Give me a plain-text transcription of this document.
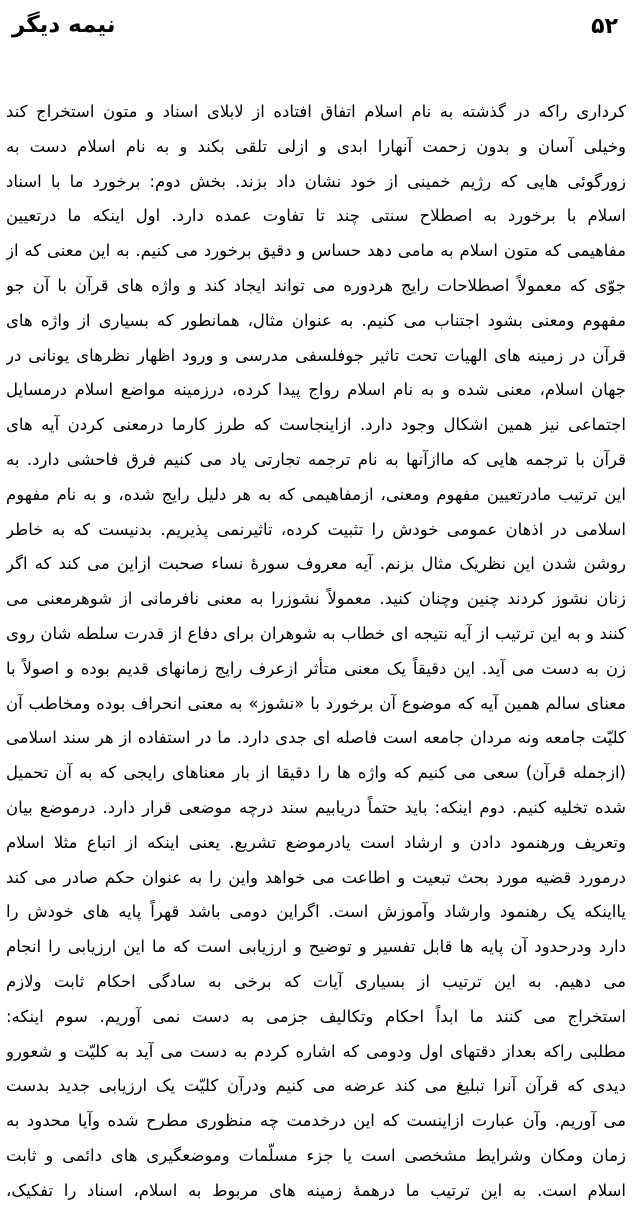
نیمه دیگر	۵۲
کرداری راکه در گذشته به نام اسلام اتفاق افتاده از لابلای اسناد و متون استخراج کند
وخیلی آسان و بدون زحمت آنهارا ابدی و ازلی تلقی بکند و به نام اسلام دست به
زورگوئی هایی که رژیم خمینی از خود نشان داد بزند. بخش دوم: برخورد ما با اسناد
اسلام با برخورد به اصطلاح سنتی چند تا تفاوت عمده دارد. اول اینکه ما درتعیین
مفاهیمی که متون اسلام به مامی دهد حساس و دقیق برخورد می کنیم. به این معنی که از
جوّی که معمولاً اصطلاحات رایج هردوره می تواند ایجاد کند و واژه های قرآن با آن جو
مفهوم ومعنی بشود اجتناب می کنیم. به عنوان مثال، همانطور که بسیاری از واژه های
قرآن در زمینه های الهیات تحت تاثیر جوفلسفی مدرسی و ورود اظهار نظرهای یونانی در
جهان اسلام، معنی شده و به نام اسلام رواج پیدا کرده، درزمینه مواضع اسلام درمسایل
اجتماعی نیز همین اشکال وجود دارد. ازاینجاست که طرز کارما درمعنی کردن آیه های
قرآن با ترجمه هایی که ماازآنها به نام ترجمه تجارتی یاد می کنیم فرق فاحشی دارد. به
این ترتیب مادرتعیین مفهوم ومعنی، ازمفاهیمی که به هر دلیل رایج شده، و به نام مفهوم
اسلامی در اذهان عمومی خودش را تثبیت کرده، تاثیرنمی پذیریم. بدنیست که به خاطر
روشن شدن این نظریک مثال بزنم. آیه معروف سورهٔ نساء صحبت ازاین می کند که اگر
زنان نشوز کردند چنین وچنان کنید. معمولاً نشوزرا به معنی نافرمانی از شوهرمعنی می
کنند و به این ترتیب از آیه نتیجه ای خطاب به شوهران برای دفاع از قدرت سلطه شان روی
زن به دست می آید. این دقیقاً یک معنی متأثر ازعرف رایج زمانهای قدیم بوده و اصولاً با
معنای سالم همین آیه که موضوع آن برخورد با «نشوز» به معنی انحراف بوده ومخاطب آن
کلیّت جامعه ونه مردان جامعه است فاصله ای جدی دارد. ما در استفاده از هر سند اسلامی
(ازجمله قرآن) سعی می کنیم که واژه ها را دقیقا از بار معناهای رایجی که به آن تحمیل
شده تخلیه کنیم. دوم اینکه: باید حتماً دریابیم سند درچه موضعی قرار دارد. درموضع بیان
وتعریف ورهنمود دادن و ارشاد است یادرموضع تشریع. یعنی اینکه از اتباع مثلا اسلام
درمورد قضیه مورد بحث تبعیت و اطاعت می خواهد واین را به عنوان حکم صادر می کند
یااینکه یک رهنمود وارشاد وآموزش است. اگراین دومی باشد قهراً پایه های خودش را
دارد ودرحدود آن پایه ها قابل تفسیر و توضیح و ارزیابی است که ما این ارزیابی را انجام
می دهیم. به این ترتیب از بسیاری آیات که برخی به سادگی احکام ثابت ولازم
استخراج می کنند ما ابداً احکام وتکالیف جزمی به دست نمی آوریم. سوم اینکه:
مطلبی راکه بعداز دقتهای اول ودومی که اشاره کردم به دست می آید به کلیّت و شعورو
دیدی که قرآن آنرا تبلیغ می کند عرضه می کنیم ودرآن کلیّت یک ارزیابی جدید بدست
می آوریم. وآن عبارت ازاینست که این درخدمت چه منظوری مطرح شده وآیا محدود به
زمان ومکان وشرایط مشخصی است یا جزء مسلّمات وموضعگیری های دائمی و ثابت
اسلام است. به این ترتیب ما درهمهٔ زمینه های مربوط به اسلام، اسناد را تفکیک،
